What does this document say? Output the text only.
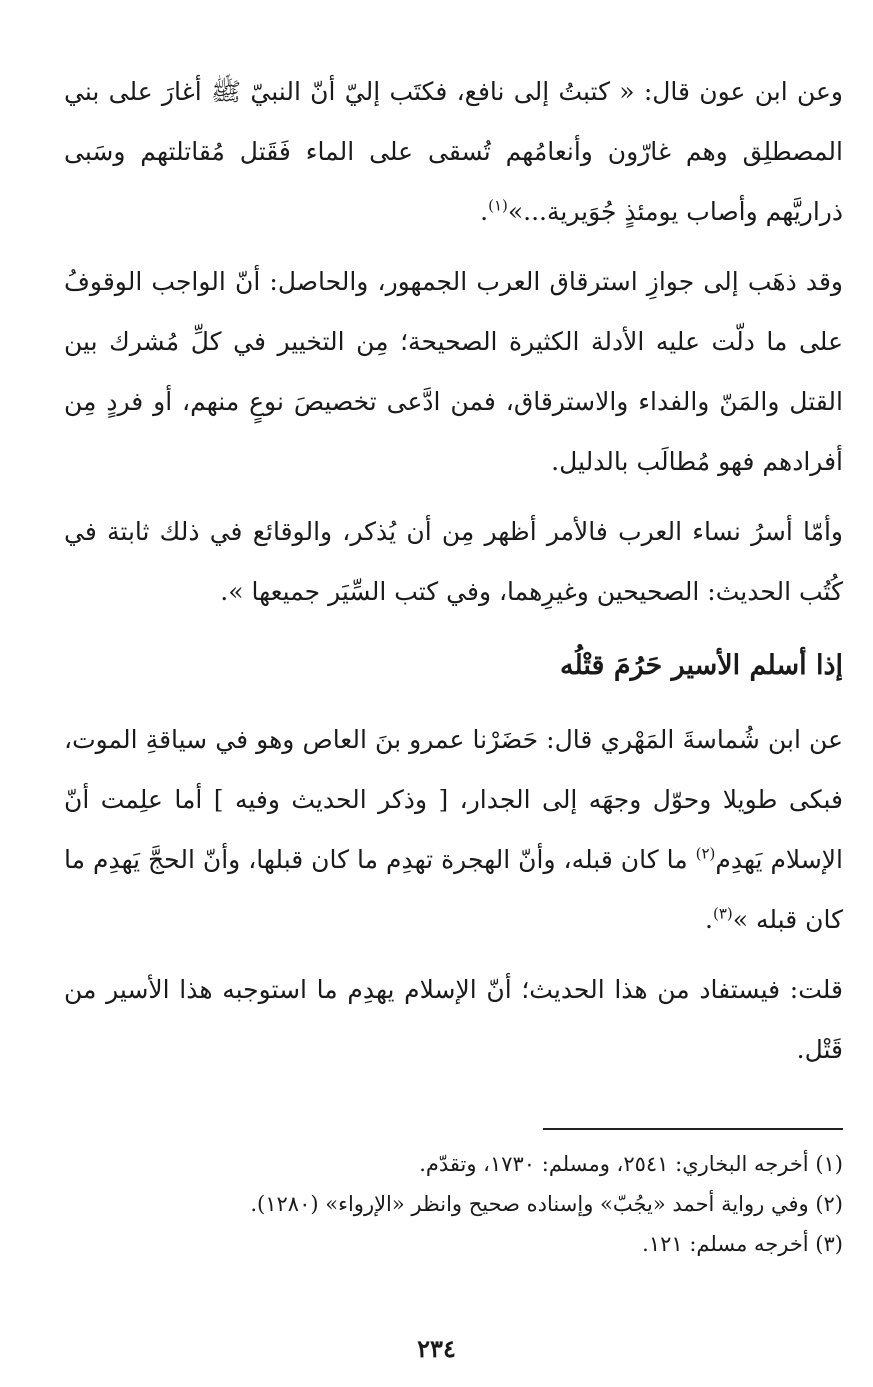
وعن ابن عون قال: « كتبتُ إلى نافع، فكتَب إليّ أنّ النبيّ ﷺ أغارَ على بني المصطلِق وهم غارّون وأنعامُهم تُسقى على الماء فَقَتل مُقاتلتهم وسَبى ذراريَّهم وأصاب يومئذٍ جُوَيرية...»$^{(١)}$.

وقد ذهَب إلى جوازِ استرقاق العرب الجمهور، والحاصل: أنّ الواجب الوقوفُ على ما دلّت عليه الأدلة الكثيرة الصحيحة؛ مِن التخيير في كلِّ مُشرك بين القتل والمَنّ والفداء والاسترقاق، فمن ادَّعى تخصيصَ نوعٍ منهم، أو فردٍ مِن أفرادهم فهو مُطالَب بالدليل.

وأمّا أسرُ نساء العرب فالأمر أظهر مِن أن يُذكر، والوقائع في ذلك ثابتة في كُتُب الحديث: الصحيحين وغيرِهما، وفي كتب السِّيَر جميعها ».

إذا أسلم الأسير حَرُمَ قتْلُه

عن ابن شُماسةَ المَهْري قال: حَضَرْنا عمرو بنَ العاص وهو في سياقةِ الموت، فبكى طويلا وحوّل وجهَه إلى الجدار، [ وذكر الحديث وفيه ] أما علِمت أنّ الإسلام يَهدِم$^{(٢)}$ ما كان قبله، وأنّ الهجرة تهدِم ما كان قبلها، وأنّ الحجَّ يَهدِم ما كان قبله »$^{(٣)}$.

قلت: فيستفاد من هذا الحديث؛ أنّ الإسلام يهدِم ما استوجبه هذا الأسير من قَتْل.

(١) أخرجه البخاري: ٢٥٤١، ومسلم: ١٧٣٠، وتقدّم.

(٢) وفي رواية أحمد «يجُبّ» وإسناده صحيح وانظر «الإرواء» (١٢٨٠).

(٣) أخرجه مسلم: ١٢١.

٢٣٤
